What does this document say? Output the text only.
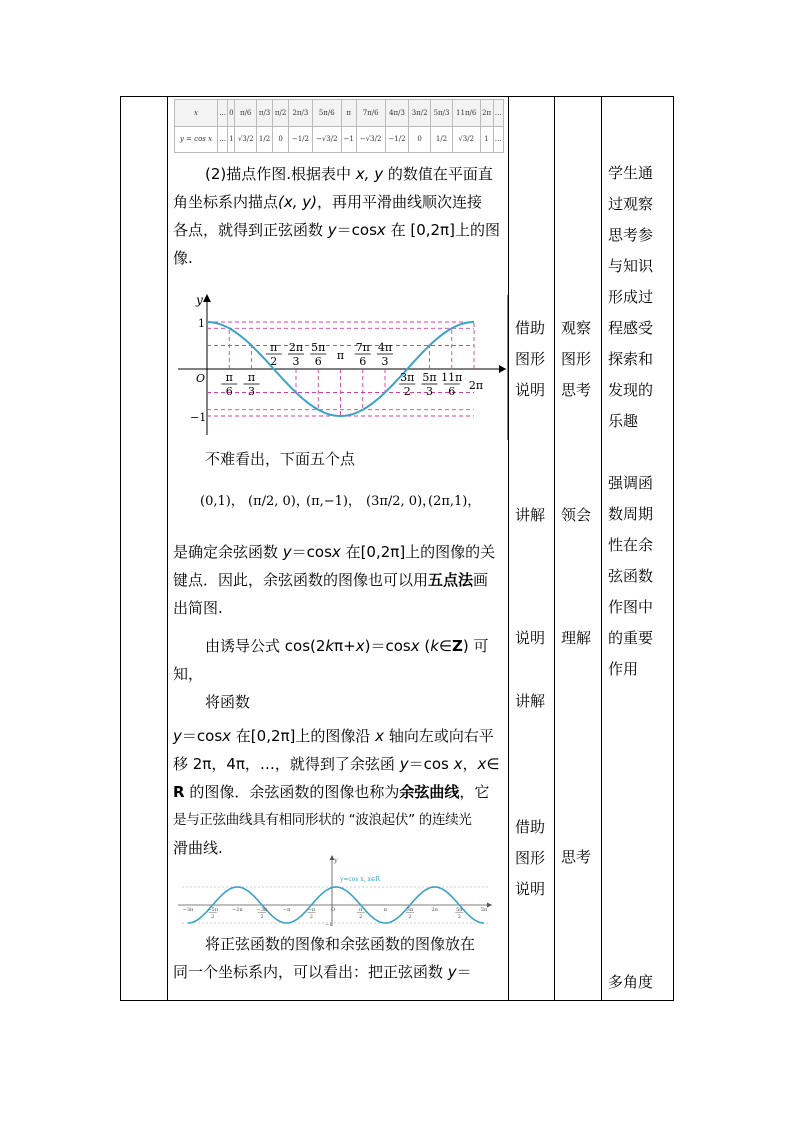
x	…	0	π/6	π/3	π/2	2π/3	5π/6	π	7π/6	4π/3	3π/2	5π/3	11π/6	2π	…
y = cos x	…	1	√3/2	1/2	0	−1/2	−√3/2	−1	−√3/2	−1/2	0	1/2	√3/2	1	…
(2)描点作图.根据表中 x, y 的数值在平面直
角坐标系内描点(x, y)，再用平滑曲线顺次连接
各点，就得到正弦函数 y＝cosx 在 [0,2π]上的图
像.
y
1
−1
O
π
2
2π
3
5π
6 π
7π
6
4π
3
π
6
π
3
3π
2
5π
3
11π
6 2π
不难看出，下面五个点
(0,1)， (π/2, 0)，
(π,−1)， (3π/2, 0)，
(2π,1)，
是确定余弦函数 y＝cosx 在[0,2π]上的图像的关
键点．因此，余弦函数的图像也可以用五点法画
出简图.
由诱导公式 cos(2kπ+x)＝cosx (k∈Z) 可知，
将函数
y＝cosx 在[0,2π]上的图像沿 x 轴向左或向右平
移 2π，4π，…，就得到了余弦函 y＝cos x，x∈
R 的图像．余弦函数的图像也称为余弦曲线，它
是与正弦曲线具有相同形状的 “波浪起伏” 的连续光
滑曲线.
y
y=cos x, x∈R
−1
−3π	−5π
2
−2π	−3π
2
−π	−π
2
O	π
2
π	3π
2
2π	5π
2
3π
将正弦函数的图像和余弦函数的图像放在
同一个坐标系内，可以看出：把正弦函数 y＝
借助
图形
说明
讲解
说明
讲解
借助
图形
说明
观察
图形
思考
领会
理解
思考
学生通
过观察
思考参
与知识
形成过
程感受
探索和
发现的
乐趣
强调函
数周期
性在余
弦函数
作图中
的重要
作用
多角度
